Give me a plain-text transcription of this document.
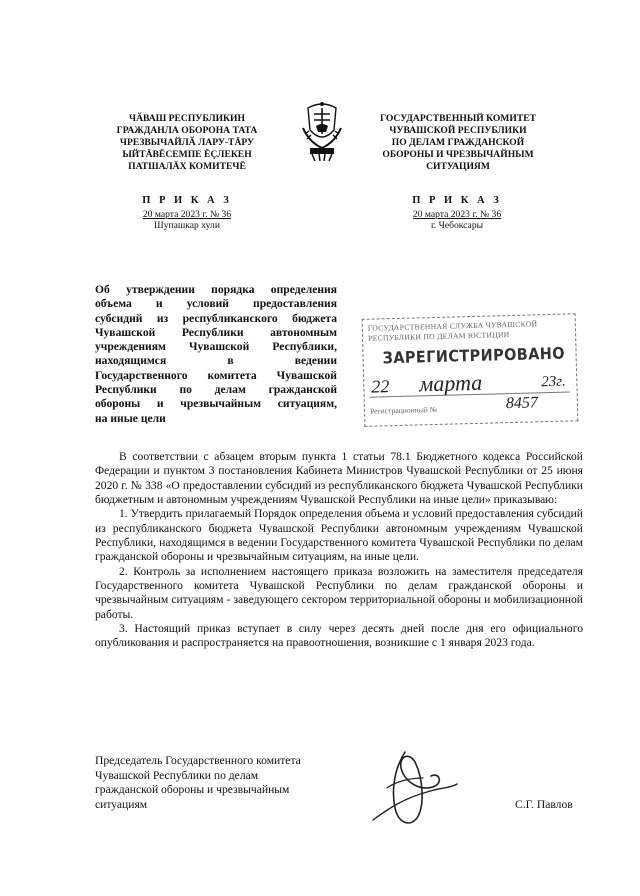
ЧӐВАШ РЕСПУБЛИКИН
ГРАЖДАНЛА ОБОРОНА ТАТА
ЧРЕЗВЫЧАЙЛӐ ЛАРУ-ТĂРУ
ЫЙТĂВĔСЕМПЕ ĔÇЛЕКЕН
ПАТШАЛĂХ КОМИТЕЧĔ
ГОСУДАРСТВЕННЫЙ КОМИТЕТ
ЧУВАШСКОЙ РЕСПУБЛИКИ
ПО ДЕЛАМ ГРАЖДАНСКОЙ
ОБОРОНЫ И ЧРЕЗВЫЧАЙНЫМ
СИТУАЦИЯМ
П Р И К А З
20 марта 2023 г. № 36
Шупашкар хули
П Р И К А З
20 марта 2023 г. № 36
г. Чебоксары
Об утверждении порядка определения
объема и условий предоставления
субсидий из республиканского бюджета
Чувашской Республики автономным
учреждениям Чувашской Республики,
находящимся в ведении
Государственного комитета Чувашской
Республики по делам гражданской
обороны и чрезвычайным ситуациям,
на иные цели
ГОСУДАРСТВЕННАЯ СЛУЖБА ЧУВАШСКОЙ
РЕСПУБЛИКИ ПО ДЕЛАМ ЮСТИЦИИ
ЗАРЕГИСТРИРОВАНО
22 марта	23г.
Регистрационный №	8457

В соответствии с абзацем вторым пункта 1 статьи 78.1 Бюджетного кодекса Российской Федерации и пунктом 3 постановления Кабинета Министров Чувашской Республики от 25 июня 2020 г. № 338 «О предоставлении субсидий из республиканского бюджета Чувашской Республики бюджетным и автономным учреждениям Чувашской Республики на иные цели» приказываю:

1. Утвердить прилагаемый Порядок определения объема и условий предоставления субсидий из республиканского бюджета Чувашской Республики автономным учреждениям Чувашской Республики, находящимся в ведении Государственного комитета Чувашской Республики по делам гражданской обороны и чрезвычайным ситуациям, на иные цели.

2. Контроль за исполнением настоящего приказа возложить на заместителя председателя Государственного комитета Чувашской Республики по делам гражданской обороны и чрезвычайным ситуациям - заведующего сектором территориальной обороны и мобилизационной работы.

3. Настоящий приказ вступает в силу через десять дней после дня его официального опубликования и распространяется на правоотношения, возникшие с 1 января 2023 года.

Председатель Государственного комитета
Чувашской Республики по делам
гражданской обороны и чрезвычайным
ситуациям	С.Г. Павлов
